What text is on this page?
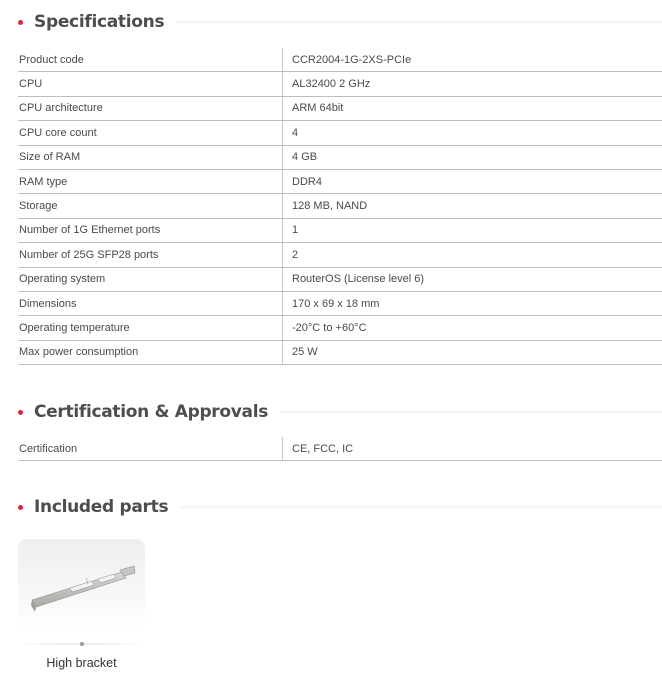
Specifications
Product code	CCR2004-1G-2XS-PCIe
CPU	AL32400 2 GHz
CPU architecture	ARM 64bit
CPU core count	4
Size of RAM	4 GB
RAM type	DDR4
Storage	128 MB, NAND
Number of 1G Ethernet ports	1
Number of 25G SFP28 ports	2
Operating system	RouterOS (License level 6)
Dimensions	170 x 69 x 18 mm
Operating temperature	-20°C to +60°C
Max power consumption	25 W
Certification & Approvals
Certification	CE, FCC, IC
Included parts
High bracket
